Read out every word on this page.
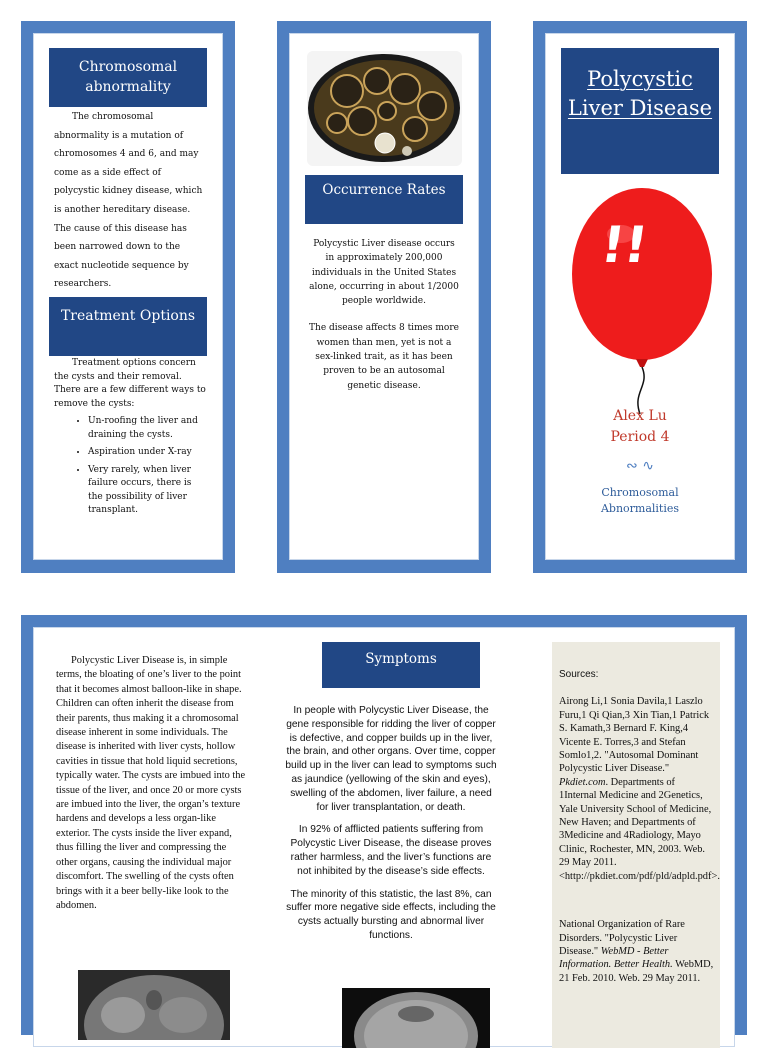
Chromosomal abnormality
The chromosomal abnormality is a mutation of chromosomes 4 and 6, and may come as a side effect of polycystic kidney disease, which is another hereditary disease. The cause of this disease has been narrowed down to the exact nucleotide sequence by researchers.
Treatment Options

Treatment options concern the cysts and their removal. There are a few different ways to remove the cysts:

• Un-roofing the liver and draining the cysts.
• Aspiration under X-ray
• Very rarely, when liver failure occurs, there is the possibility of liver transplant.
Occurrence Rates

Polycystic Liver disease occurs in approximately 200,000 individuals in the United States alone, occurring in about 1/2000 people worldwide.

The disease affects 8 times more women than men, yet is not a sex-linked trait, as it has been proven to be an autosomal genetic disease.

Polycystic Liver Disease
!!
Alex Lu
Period 4
∾ ∿
Chromosomal Abnormalities
Polycystic Liver Disease is, in simple terms, the bloating of one’s liver to the point that it becomes almost balloon-like in shape. Children can often inherit the disease from their parents, thus making it a chromosomal disease inherent in some individuals. The disease is inherited with liver cysts, hollow cavities in tissue that hold liquid secretions, typically water. The cysts are imbued into the tissue of the liver, and once 20 or more cysts are imbued into the liver, the organ’s texture hardens and develops a less organ-like exterior. The cysts inside the liver expand, thus filling the liver and compressing the other organs, causing the individual major discomfort. The swelling of the cysts often brings with it a beer belly-like look to the abdomen.
Symptoms

In people with Polycystic Liver Disease, the gene responsible for ridding the liver of copper is defective, and copper builds up in the liver, the brain, and other organs. Over time, copper build up in the liver can lead to symptoms such as jaundice (yellowing of the skin and eyes), swelling of the abdomen, liver failure, a need for liver transplantation, or death.

In 92% of afflicted patients suffering from Polycystic Liver Disease, the disease proves rather harmless, and the liver’s functions are not inhibited by the disease’s side effects.

The minority of this statistic, the last 8%, can suffer more negative side effects, including the cysts actually bursting and abnormal liver functions.

Sources:

Airong Li,1 Sonia Davila,1 Laszlo Furu,1 Qi Qian,3 Xin Tian,1 Patrick S. Kamath,3 Bernard F. King,4 Vicente E. Torres,3 and Stefan Somlo1,2. "Autosomal Dominant Polycystic Liver Disease." Pkdiet.com. Departments of 1Internal Medicine and 2Genetics, Yale University School of Medicine, New Haven; and Departments of 3Medicine and 4Radiology, Mayo Clinic, Rochester, MN, 2003. Web. 29 May 2011. <http://pkdiet.com/pdf/pld/adpld.pdf>.

National Organization of Rare Disorders. "Polycystic Liver Disease." WebMD - Better Information. Better Health. WebMD, 21 Feb. 2010. Web. 29 May 2011.
